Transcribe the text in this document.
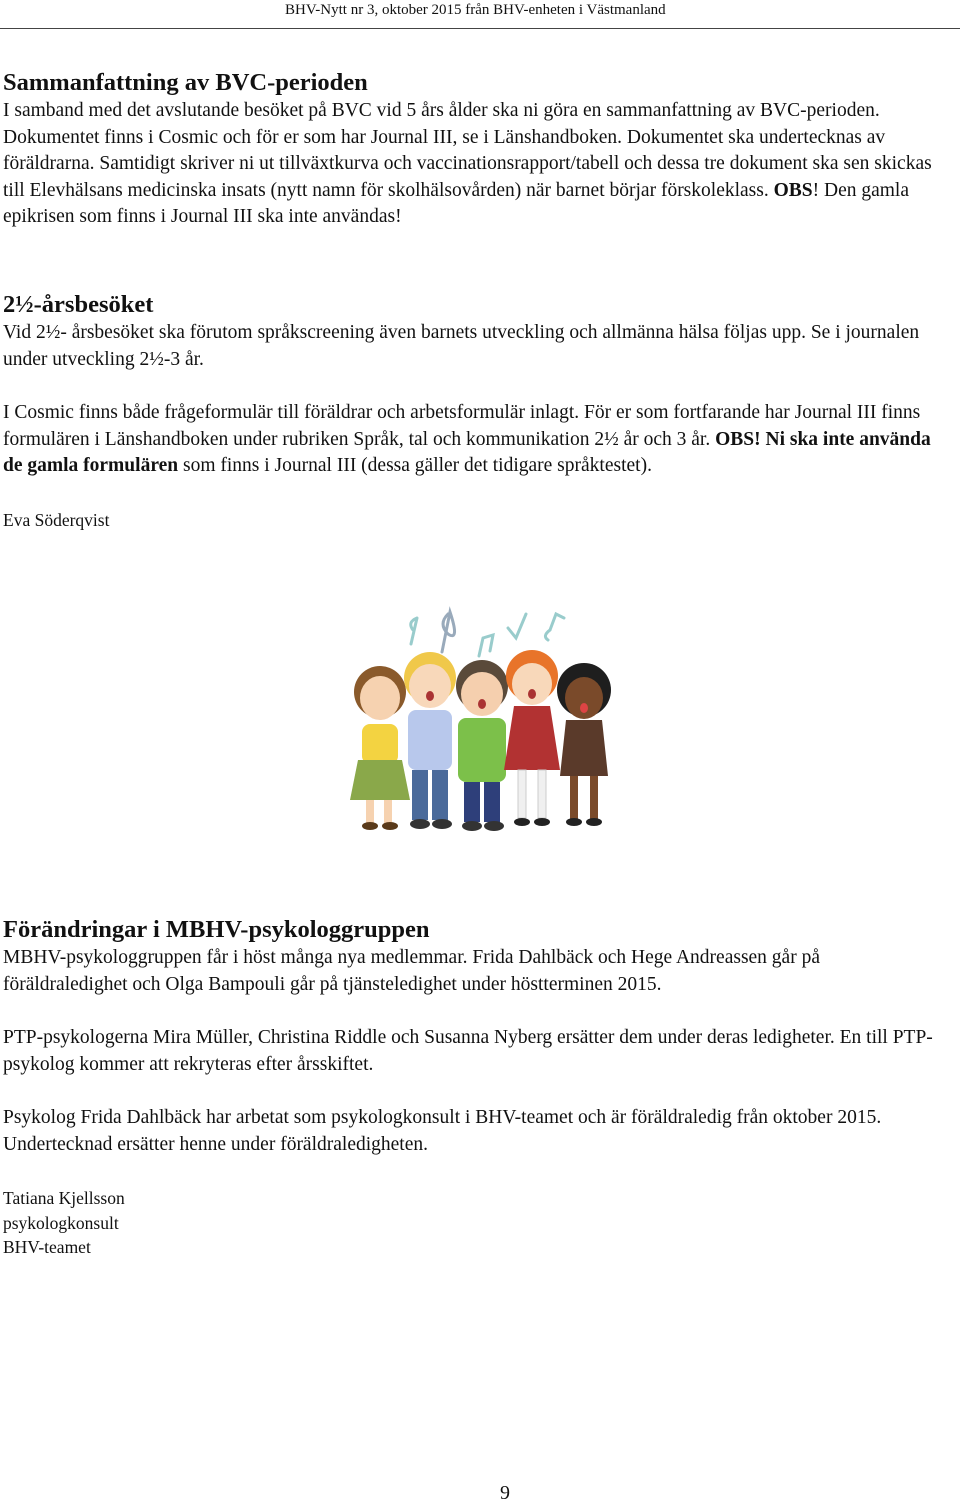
BHV-Nytt nr 3, oktober 2015 från BHV-enheten i Västmanland
Sammanfattning av BVC-perioden

I samband med det avslutande besöket på BVC vid 5 års ålder ska ni göra en sammanfattning av BVC-perioden. Dokumentet finns i Cosmic och för er som har Journal III, se i Länshandboken. Dokumentet ska undertecknas av föräldrarna. Samtidigt skriver ni ut tillväxtkurva och vaccinationsrapport/tabell och dessa tre dokument ska sen skickas till Elevhälsans medicinska insats (nytt namn för skolhälsovården) när barnet börjar förskoleklass. OBS! Den gamla epikrisen som finns i Journal III ska inte användas!

2½-årsbesöket

Vid 2½- årsbesöket ska förutom språkscreening även barnets utveckling och allmänna hälsa följas upp. Se i journalen under utveckling 2½-3 år.

I Cosmic finns både frågeformulär till föräldrar och arbetsformulär inlagt. För er som fortfarande har Journal III finns formulären i Länshandboken under rubriken Språk, tal och kommunikation 2½ år och 3 år. OBS! Ni ska inte använda de gamla formulären som finns i Journal III (dessa gäller det tidigare språktestet).

Eva Söderqvist
Förändringar i MBHV-psykologgruppen

MBHV-psykologgruppen får i höst många nya medlemmar. Frida Dahlbäck och Hege Andreassen går på föräldraledighet och Olga Bampouli går på tjänsteledighet under höstterminen 2015.

PTP-psykologerna Mira Müller, Christina Riddle och Susanna Nyberg ersätter dem under deras ledigheter. En till PTP-psykolog kommer att rekryteras efter årsskiftet.

Psykolog Frida Dahlbäck har arbetat som psykologkonsult i BHV-teamet och är föräldraledig från oktober 2015. Undertecknad ersätter henne under föräldraledigheten.

Tatiana Kjellsson
psykologkonsult
BHV-teamet
9
